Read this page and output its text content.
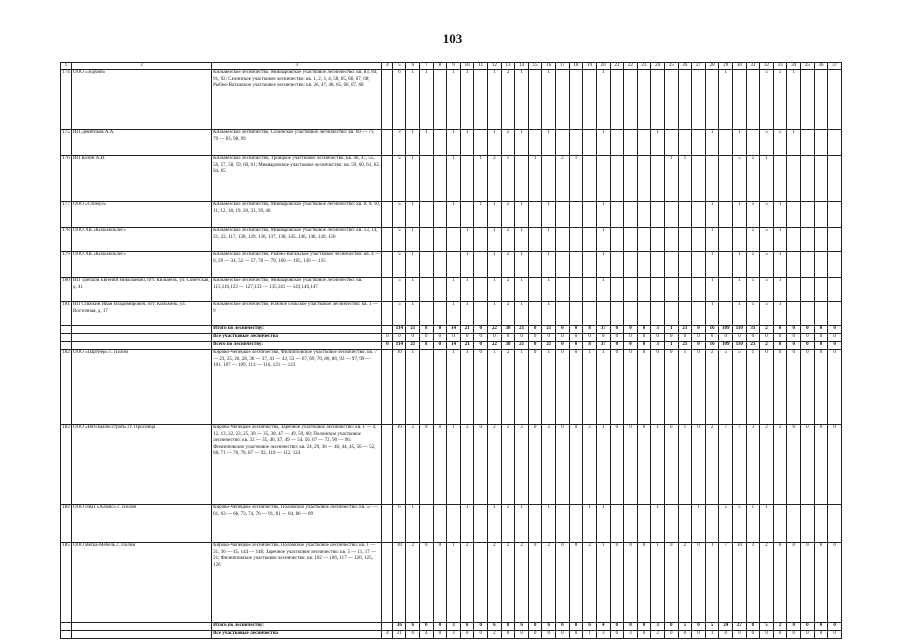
103
1	2	3	4	5	6	7	8	9	10	11	12	13	14	15	16	17	18	19	20	21	22	23	24	25	26	27	28	29	30	31	32	33	34	35	36	37
174	ООО «Зодчий»	Кильмезское лесничество, Микваровское участковое лесничество: кв. 83, 84, 91, 92; Селинское участковое лесничество: кв. 1, 2, 3, 4, 58, 65, 66, 67, 68; Рыбно-Ватажское участковое лесничество: кв. 26, 47, 48, 65, 66, 67, 68		6	1	1		1	1		1	2	1		1				1									1			5	5	1			
175	ИП Девятиков А.А.	Кильмезское лесничество, Селинское участковое лесничество: кв. 69 — 71, 79 — 83, 98, 99		3	1	1		1	1		1	2	1		1				1				1				1		1		5	5	1			
176	ИП Козин А.Н.	Кильмезское лесничество, Троицкое участковое лесничество: кв. 46, 47, 55, 56, 57, 58, 59, 60, 61; Микваровское участковое лесничество: кв. 59, 60, 61, 62, 64, 65		5	1			1		1	2	1		1		2	1							1	1				5	5	1					
177	ООО «Стимул»	Кильмезское лесничество, Микваровское участковое лесничество: кв. 8, 9, 10, 11, 12, 18, 19, 20, 33, 39, 40		5	1			1		1	1	2	1		1				1								1		1	5	5	1				
178	ООО ХК «Кильмезьлес»	Кильмезское лесничество, Микваровское участковое лесничество: кв. 13, 14, 21, 22, 117, 128, 129, 136, 137, 138, 145, 146, 148, 149, 150		5	1				1		1	2	1		1				1								1			5	5	1				
179	ООО ХК «Кильмезьлес»	Кильмезское лесничество, Рыбно-Ватажское участковое лесничество: кв. 4 — 6, 29 — 34, 52 — 57, 78 — 79, 100 — 105, 130 — 135		5	1				1		1	2	1		1				1								1		1	5	5	1				
180	ИП Трепцов Евгений Николаевич, пгт. Кильмезь, ул. Советская, д. 41	Кильмезское лесничество, Микваровское участковое лесничество: кв. 115,116,123 — 127,133 — 135,141 — 143,146,147		5	1			1	1		1	2	1		1				1								1		1	5	5	1				
181	ИП Стяжкин Иван Владимирович, пгт. Кильмезь, ул. Восточная, д. 17	Кильмезское лесничество, Южное сельское участковое лесничество: кв. 1 — 9		5	1			1	1		1	2	1		1												1		1	5	5	1				
		Итого по лесничеству:		114	21	8	0	14	21	0	22	38	21	0	21	0	0	8	37	0	0	0	3	1	21	0	16	109	110	31	2	0	0	0	0	0
		Все участковые лесничества	0	0	0	0	0	0	0	0	0	0	0	0	0	0	0	0	0	0	0	0	0	0	0	0	0	0	0	0	0	0	0	0	0	0
		Всего по лесничеству:	0	114	21	8	0	14	21	0	22	38	21	0	21	0	0	8	37	0	0	0	3	1	21	0	16	109	110	21	2	0	0	0	0	0
182	ООО «Партнер» с. Полом	Кирово-Чепецкое лесничество, Филипповское участковое лесничество: кв. 7 — 23, 25, 26, 28, 30 — 37, 41 — 43, 53 — 67, 69, 70, 80, 86, 93 — 97, 99 — 101, 107 — 109, 113 — 116, 121 — 123		10	1			1	1	0	1	2	1	0	1	0	0	1	1	0	0	0	0	0	1	0	2	5	5	1	0	0	0	0	0	0
183	ООО «Вятскаялесстрой» ст. Просница	Кирово-Чепецкое лесничество, Заречное участковое лесничество: кв. 1 — 4, 12, 13, 22, 23, 25, 30 — 35, 38, 47 — 49, 59, 60; Полонское участковое лесничество: кв. 32 — 35, 46, 47, 49 — 54, 56, 67 — 72, 90 — 96; Филипповское участковое лесничество: кв. 24, 29, 36 — 40, 44, 45, 50 — 52, 68, 71 — 76, 78, 87 — 92, 110 — 112, 124		10	2	0	0	1	2	0	2	2	2	0	2	0	0	2	1	0	0	0	1	0	1	0	2	7	7	3	2	2	0	0	0	0
184	ООО ПКП «Алмис» с. Полом	Кирово-Чепецкое лесничество, Поломское участковое лесничество: кв. 57 — 61, 63 — 66, 73, 74, 76 — 91, 81 — 84, 86 — 89		6	1				1		1	2	1		1			1	1				1			1		5	5	1	1					
185	ООО Вятка-Мебель с. Полом	Кирово-Чепецкое лесничество, Поломское участковое лесничество: кв. 1 — 31, 36 — 45, 144 — 146; Заречное участковое лесничество: кв. 5 — 11, 17 — 21; Филипповское участковое лесничество: кв. 102 — 106, 117 — 120, 125, 126		10	2	0	0	1	2		2	2	2	0	2	0	0	2	1	0	0	0	1	0	2	0	1	7	10	3	2	0	0	0	0	0
		Итого по лесничеству:		36	6	0	0	3	6	0	6	8	6	0	6	0	0	6	4	0	0	0	3	0	5	0	5	24	27	8	5	2	0	0	0	0
		Все участковые лесничества	4	21	6	4	0	3	0	0	2	0	0	0	0	0	0	1	3	0	3	0	2	0	0	0	1	0	0	0	0	0	0	0	0	0
